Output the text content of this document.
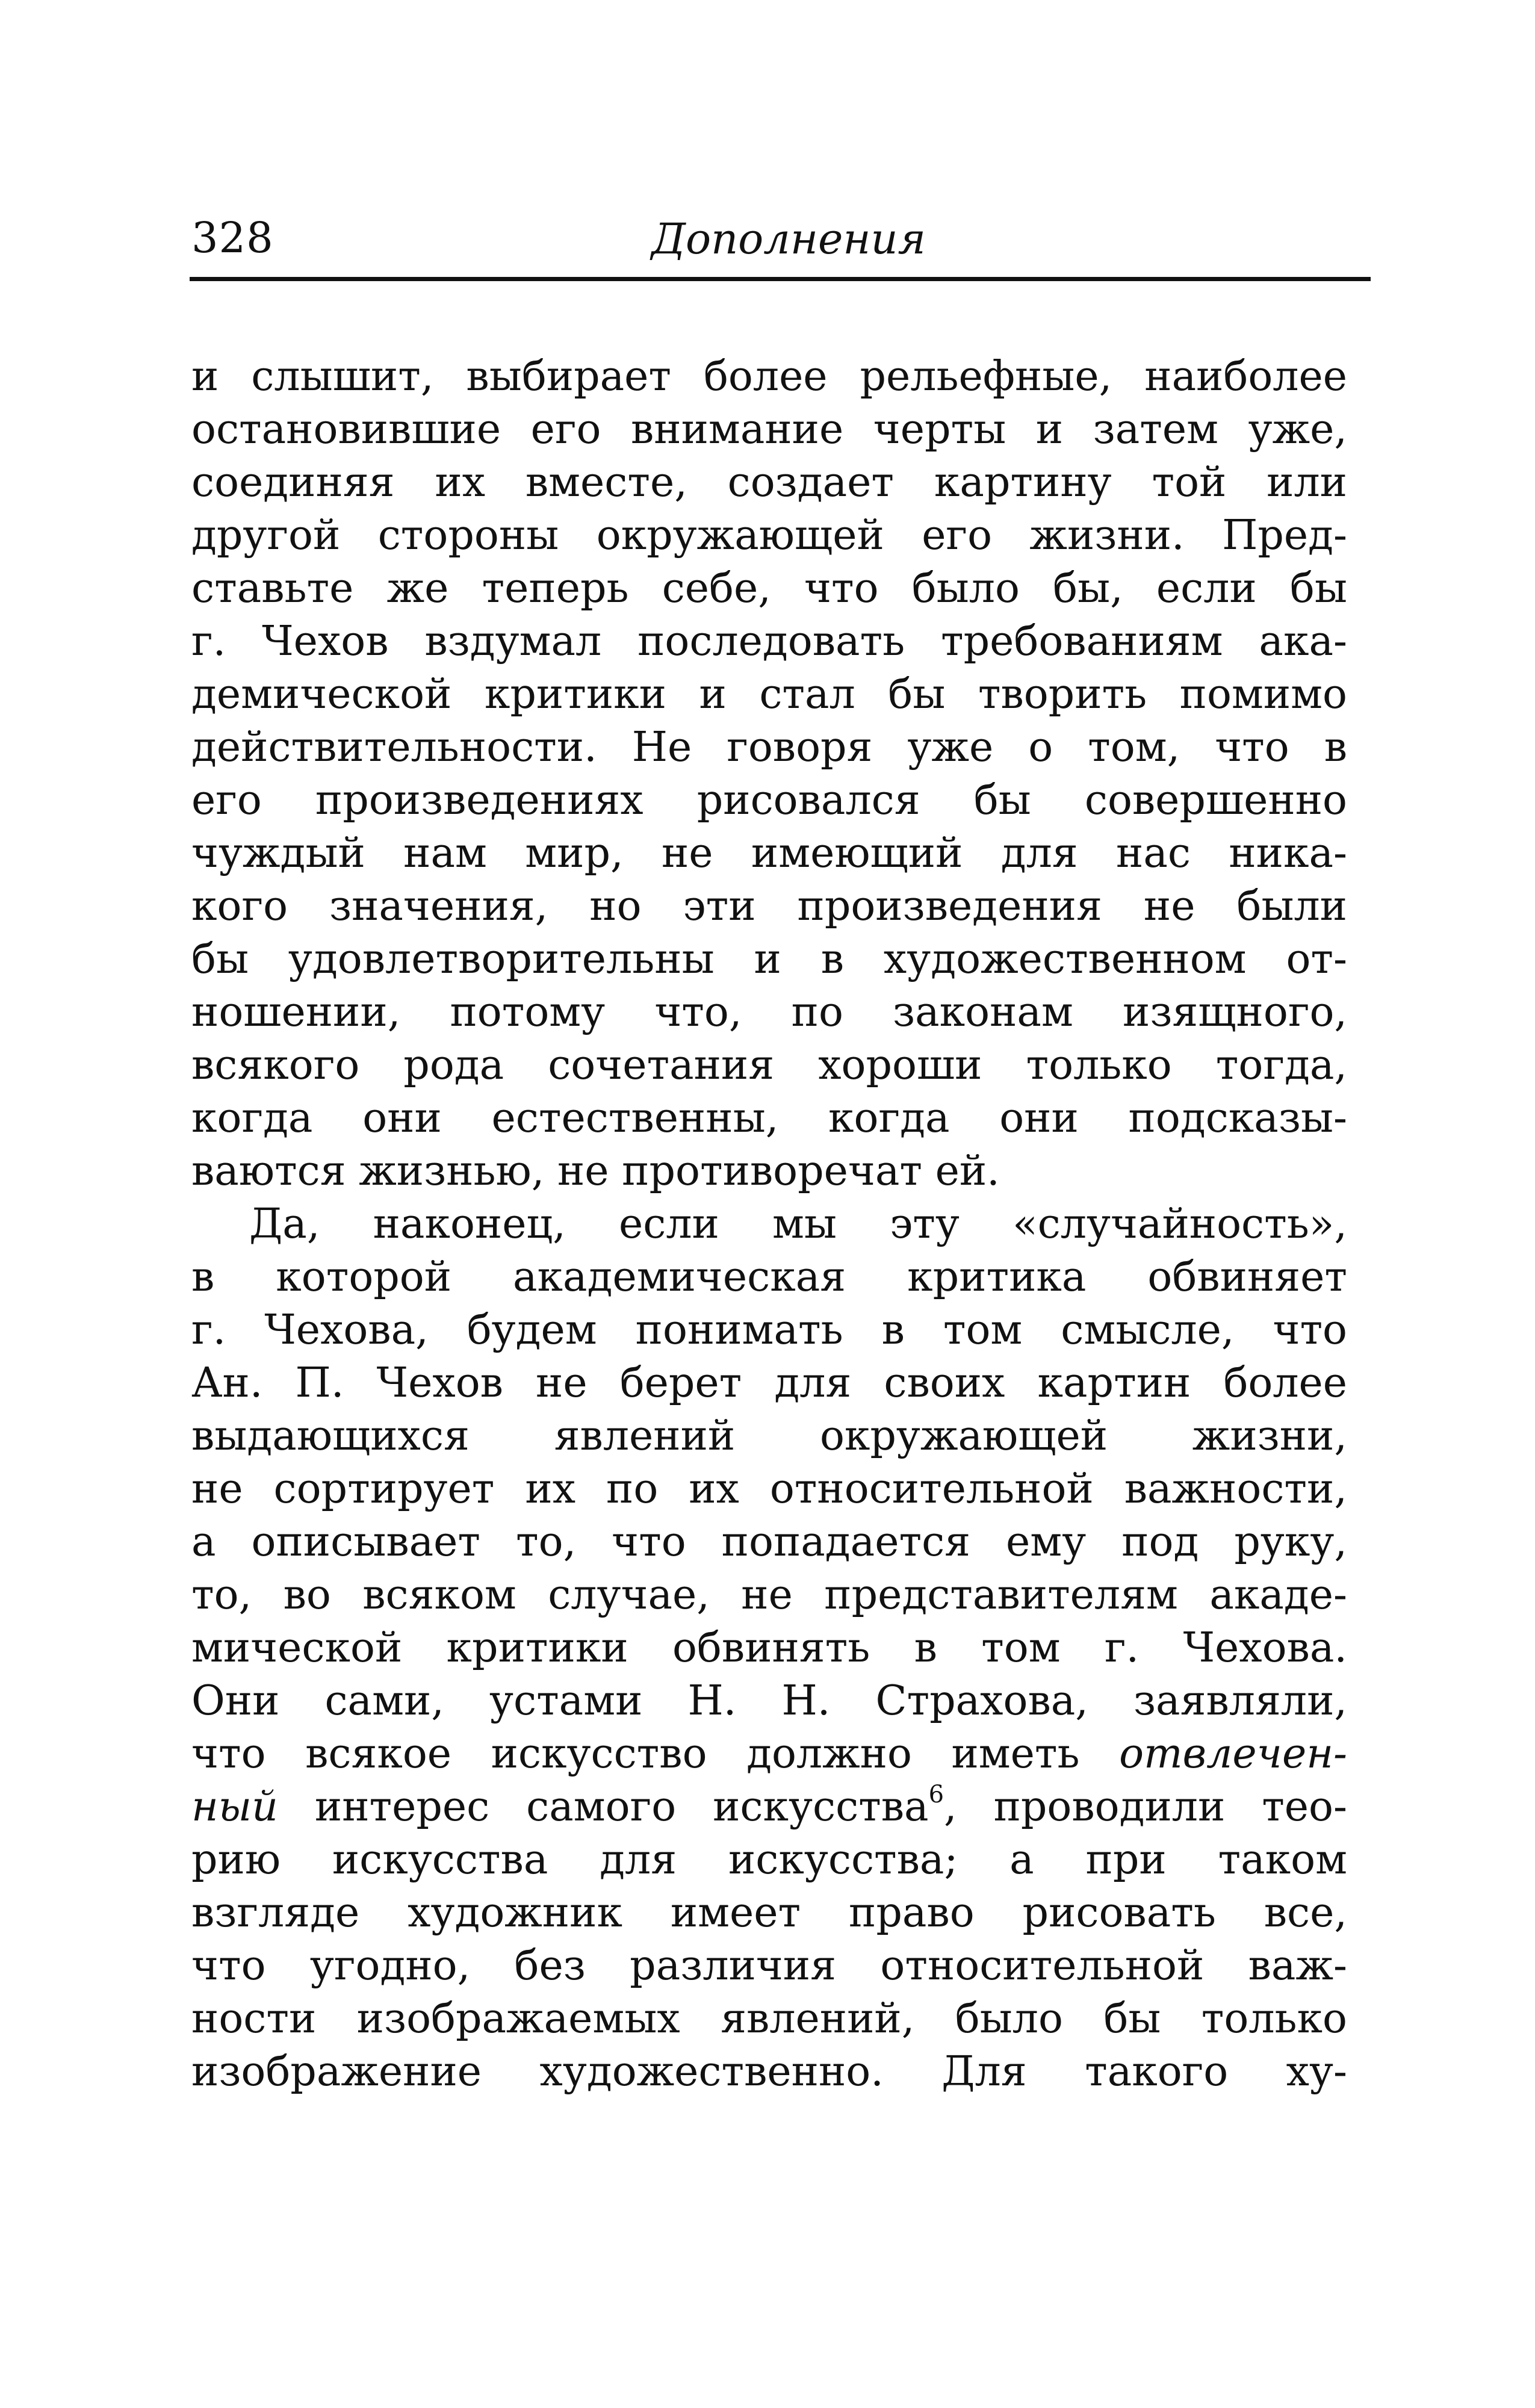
328	Дополнения
и слышит, выбирает более рельефные, наиболее
остановившие его внимание черты и затем уже,
соединяя их вместе, создает картину той или
другой стороны окружающей его жизни. Пред-
ставьте же теперь себе, что было бы, если бы
г. Чехов вздумал последовать требованиям ака-
демической критики и стал бы творить помимо
действительности. Не говоря уже о том, что в
его произведениях рисовался бы совершенно
чуждый нам мир, не имеющий для нас ника-
кого значения, но эти произведения не были
бы удовлетворительны и в художественном от-
ношении, потому что, по законам изящного,
всякого рода сочетания хороши только тогда,
когда они естественны, когда они подсказы-
ваются жизнью, не противоречат ей.
Да, наконец, если мы эту «случайность»,
в которой академическая критика обвиняет
г. Чехова, будем понимать в том смысле, что
Ан. П. Чехов не берет для своих картин более
выдающихся явлений окружающей жизни,
не сортирует их по их относительной важности,
а описывает то, что попадается ему под руку,
то, во всяком случае, не представителям акаде-
мической критики обвинять в том г. Чехова.
Они сами, устами Н. Н. Страхова, заявляли,
что всякое искусство должно иметь отвлечен-
ный интерес самого искусства$^6$, проводили тео-
рию искусства для искусства; а при таком
взгляде художник имеет право рисовать все,
что угодно, без различия относительной важ-
ности изображаемых явлений, было бы только
изображение художественно. Для такого ху-
